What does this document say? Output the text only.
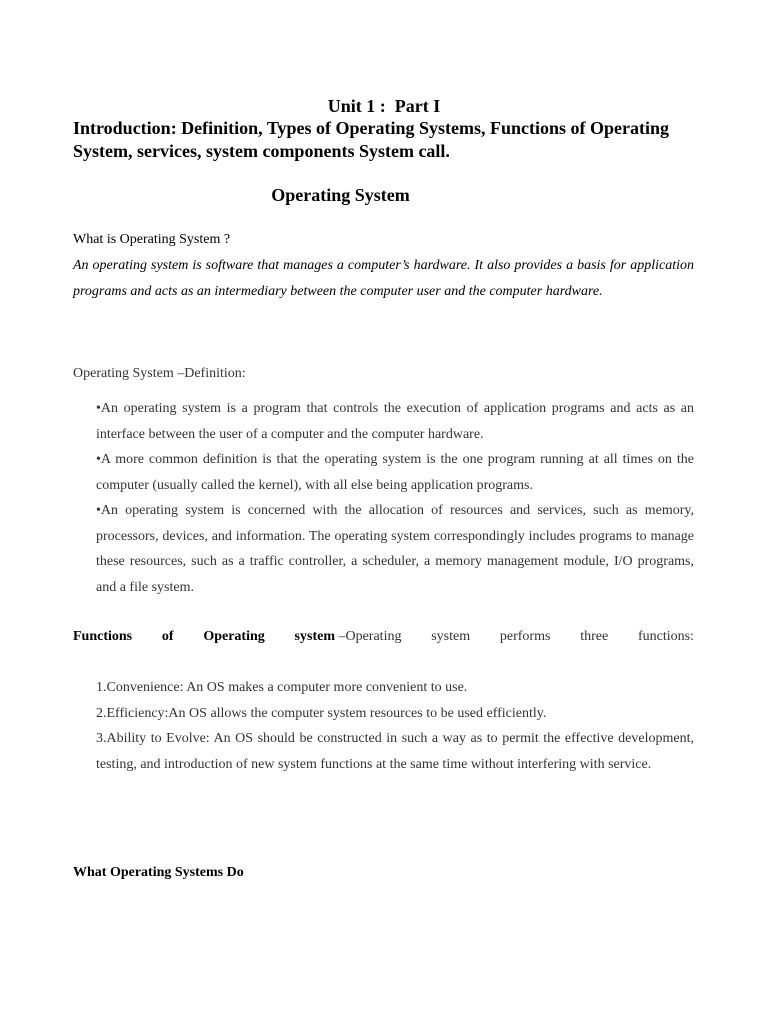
Unit 1 :  Part I
Introduction: Definition, Types of Operating Systems, Functions of Operating System, services, system components System call.
Operating System
What is Operating System ?

An operating system is software that manages a computer’s hardware. It also provides a basis for application programs and acts as an intermediary between the computer user and the computer hardware.

Operating System –Definition:
•An operating system is a program that controls the execution of application programs and acts as an interface between the user of a computer and the computer hardware.
•A more common definition is that the operating system is the one program running at all times on the computer (usually called the kernel), with all else being application programs.
•An operating system is concerned with the allocation of resources and services, such as memory, processors, devices, and information. The operating system correspondingly includes programs to manage these resources, such as a traffic controller, a scheduler, a memory management module, I/O programs, and a file system.
Functions of Operating system –Operating system performs three functions:
1.Convenience: An OS makes a computer more convenient to use.
2.Efficiency:An OS allows the computer system resources to be used efficiently.
3.Ability to Evolve: An OS should be constructed in such a way as to permit the effective development, testing, and introduction of new system functions at the same time without interfering with service.
What Operating Systems Do
